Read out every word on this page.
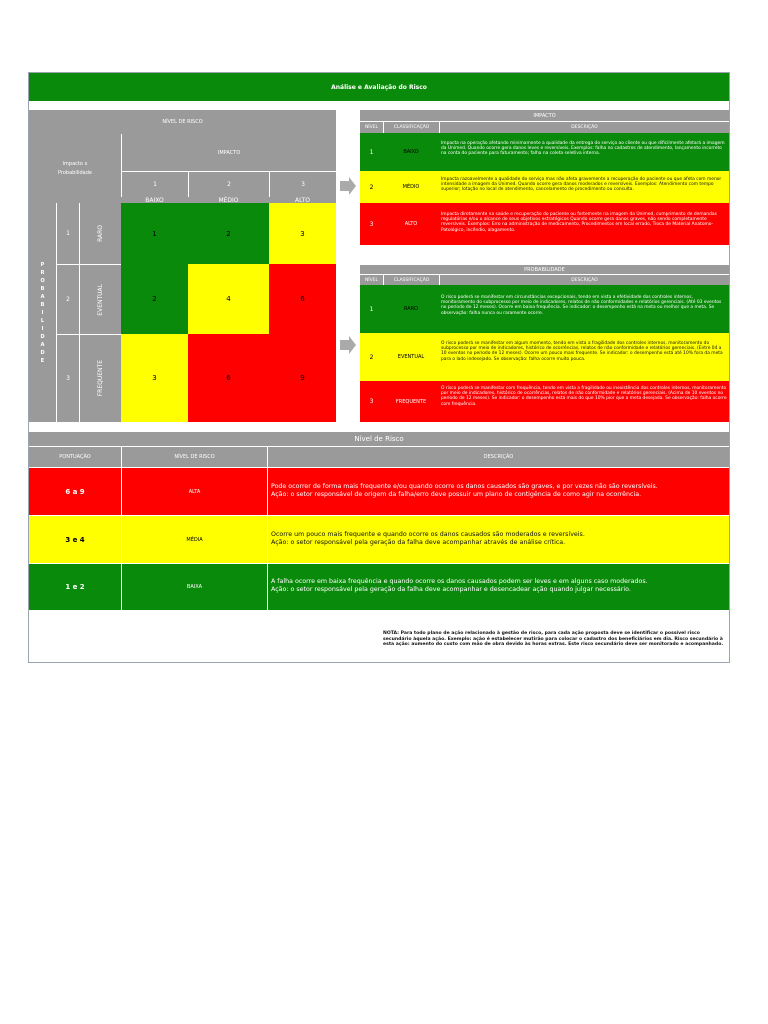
Análise e Avaliação do Risco
NÍVEL DE RISCO
Impacto x Probabilidade
IMPACTO
1	2	3
BAIXO	MÉDIO	ALTO
PROBABILIDADE
1	RARO	1	2	3
2	EVENTUAL	2	4	6
3	FREQUENTE	3	6	9
IMPACTO
NÍVEL	CLASSIFICAÇÃO	DESCRIÇÃO
1	BAIXO
Impacta na operação afetando minimamente a qualidade da entrega do serviço ao cliente ou que dificilmente afetará a imagem da Unimed. Quando ocorre gera danos leves e reversíveis. Exemplos: falha no cadastros de atendimento, lançamento incorreto na conta do paciente para faturamento; falha na coleta seletiva interna.
2	MÉDIO
Impacta razoavelmente a qualidade do serviço mas não afeta gravemente a recuperação do paciente ou que afeta com menor intensidade a imagem da Unimed. Quando ocorre gera danos moderados e reversíveis. Exemplos: Atendimento com tempo superior; lotação no local de atendimento, cancelamento de procedimento ou consulta.
3	ALTO
Impacta diretamente na saúde e recuperação do paciente ou fortemente na imagem da Unimed, cumprimento de demandas regulatórias e/ou o alcance de seus objetivos estratégicos Quando ocorre gera danos graves, não sendo completamente reversíveis. Exemplos: Erro na administração de medicamento, Procedimentos em local errado, Troca de Material Anatomo-Patológico, incêndio, alagamento.
PROBABILIDADE
NÍVEL	CLASSIFICAÇÃO	DESCRIÇÃO
1	RARO
O risco poderá se manifestar em circunstâncias excepcionais, tendo em vista a efetividade dos controles internos, monitoramento do subprocesso por meio de indicadores, relatos de não conformidades e relatórios gerenciais. (Até 03 eventos no período de 12 meses). Ocorre em baixa frequência. Se indicador: o desempenho está na meta ou melhor que a meta. Se observação: falha nunca ou raramente ocorre.
2	EVENTUAL
O risco poderá se manifestar em algum momento, tendo em vista a fragilidade dos controles internos, monitoramento do subprocesso por meio de indicadores, histórico de ocorrências, relatos de não conformidade e relatórios gerenciais. (Entre 04 a 10 eventos no período de 12 meses). Ocorre um pouco mais frequente. Se indicador: o desempenho está até 10% fora da meta para o lado indesejado. Se observação: falha ocorre muito pouca.
3	FREQUENTE
O risco poderá se manifestar com frequência, tendo em vista a fragilidade ou inexistência dos controles internos, monitoramento por meio de indicadores, histórico de ocorrências, relatos de não conformidade e relatórios gerenciais. (Acima de 10 eventos no período de 12 meses). Se indicador: o desempenho está mais do que 10% pior que a meta desejada. Se observação: falha ocorre com frequência.
Nível de Risco
PONTUAÇÃO	NÍVEL DE RISCO	DESCRIÇÃO
6 a 9	ALTA
Pode ocorrer de forma mais frequente e/ou quando ocorre os danos causados são graves, e por vezes não são reversíveis.
Ação: o setor responsável de origem da falha/erro deve possuir um plano de contigência de como agir na ocorrência.
3 e 4	MÉDIA
Ocorre um pouco mais frequente e quando ocorre os danos causados são moderados e reversíveis.
Ação: o setor responsável pela geração da falha deve acompanhar através de análise crítica.
1 e 2	BAIXA
A falha ocorre em baixa frequência e quando ocorre os danos causados podem ser leves e em alguns caso moderados.
Ação: o setor responsável pela geração da falha deve acompanhar e desencadear ação quando julgar necessário.
NOTA: Para todo plano de ação relacionado à gestão de risco, para cada ação proposta deve se identificar o possível risco secundário àquela ação. Exemplo: ação é estabelecer mutirão para colocar o cadastro dos beneficiários em dia. Risco secundário à esta ação: aumento do custo com mão de obra devido às horas extras. Este risco secundário deve ser monitorado e acompanhado.
